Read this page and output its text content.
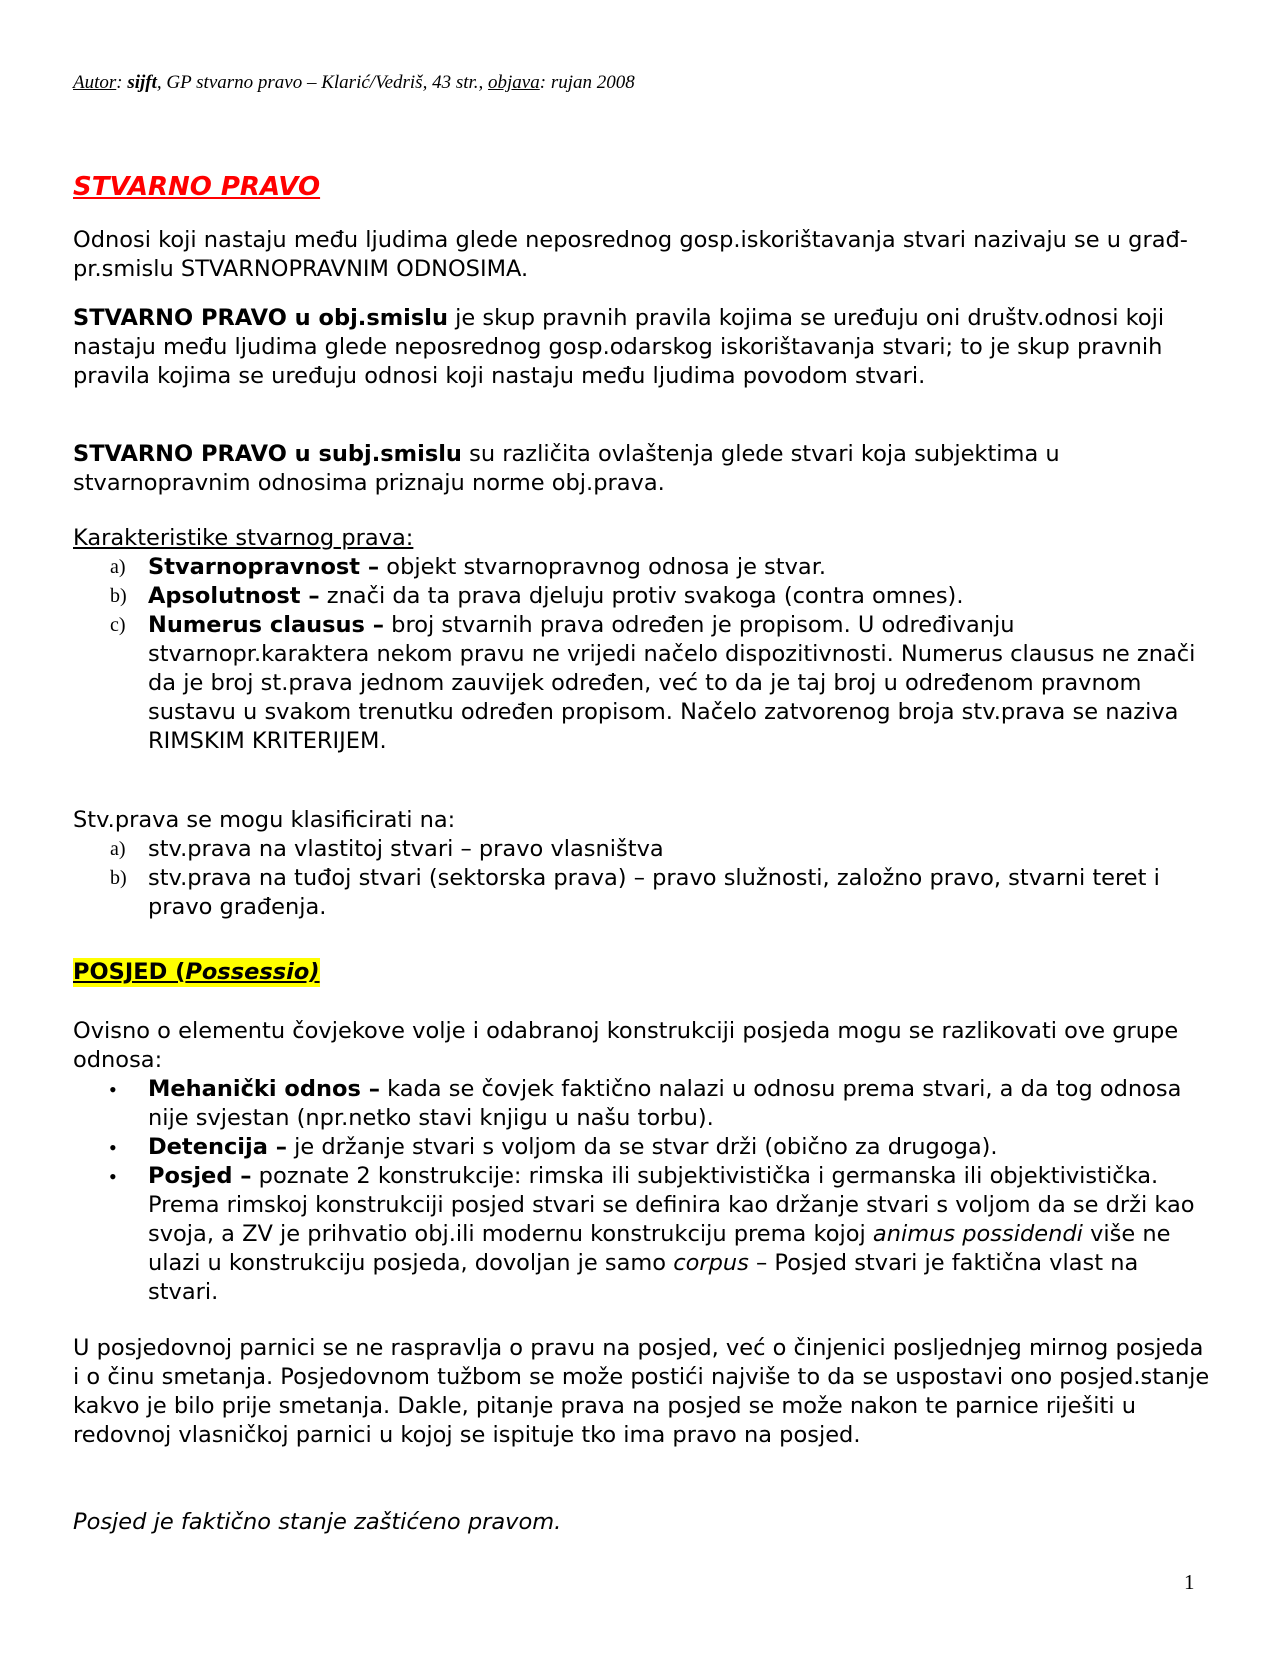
Autor: sijft, GP stvarno pravo – Klarić/Vedriš, 43 str., objava: rujan 2008
STVARNO PRAVO

Odnosi koji nastaju među ljudima glede neposrednog gosp.iskorištavanja stvari nazivaju se u građ-pr.smislu STVARNOPRAVNIM ODNOSIMA.

STVARNO PRAVO u obj.smislu je skup pravnih pravila kojima se uređuju oni društv.odnosi koji nastaju među ljudima glede neposrednog gosp.odarskog iskorištavanja stvari; to je skup pravnih pravila kojima se uređuju odnosi koji nastaju među ljudima povodom stvari.

STVARNO PRAVO u subj.smislu su različita ovlaštenja glede stvari koja subjektima u stvarnopravnim odnosima priznaju norme obj.prava.

Karakteristike stvarnog prava:

a) Stvarnopravnost – objekt stvarnopravnog odnosa je stvar.
b) Apsolutnost – znači da ta prava djeluju protiv svakoga (contra omnes).
c) Numerus clausus – broj stvarnih prava određen je propisom. U određivanju stvarnopr.karaktera nekom pravu ne vrijedi načelo dispozitivnosti. Numerus clausus ne znači da je broj st.prava jednom zauvijek određen, već to da je taj broj u određenom pravnom sustavu u svakom trenutku određen propisom. Načelo zatvorenog broja stv.prava se naziva RIMSKIM KRITERIJEM.

Stv.prava se mogu klasificirati na:

a) stv.prava na vlastitoj stvari – pravo vlasništva
b) stv.prava na tuđoj stvari (sektorska prava) – pravo služnosti, založno pravo, stvarni teret i pravo građenja.
POSJED (Possessio)

Ovisno o elementu čovjekove volje i odabranoj konstrukciji posjeda mogu se razlikovati ove grupe odnosa:

• Mehanički odnos – kada se čovjek faktično nalazi u odnosu prema stvari, a da tog odnosa nije svjestan (npr.netko stavi knjigu u našu torbu).
• Detencija – je držanje stvari s voljom da se stvar drži (obično za drugoga).
• Posjed – poznate 2 konstrukcije: rimska ili subjektivistička i germanska ili objektivistička. Prema rimskoj konstrukciji posjed stvari se definira kao držanje stvari s voljom da se drži kao svoja, a ZV je prihvatio obj.ili modernu konstrukciju prema kojoj animus possidendi više ne ulazi u konstrukciju posjeda, dovoljan je samo corpus – Posjed stvari je faktična vlast na stvari.

U posjedovnoj parnici se ne raspravlja o pravu na posjed, već o činjenici posljednjeg mirnog posjeda i o činu smetanja. Posjedovnom tužbom se može postići najviše to da se uspostavi ono posjed.stanje kakvo je bilo prije smetanja. Dakle, pitanje prava na posjed se može nakon te parnice riješiti u redovnoj vlasničkoj parnici u kojoj se ispituje tko ima pravo na posjed.

Posjed je faktično stanje zaštićeno pravom.

1
